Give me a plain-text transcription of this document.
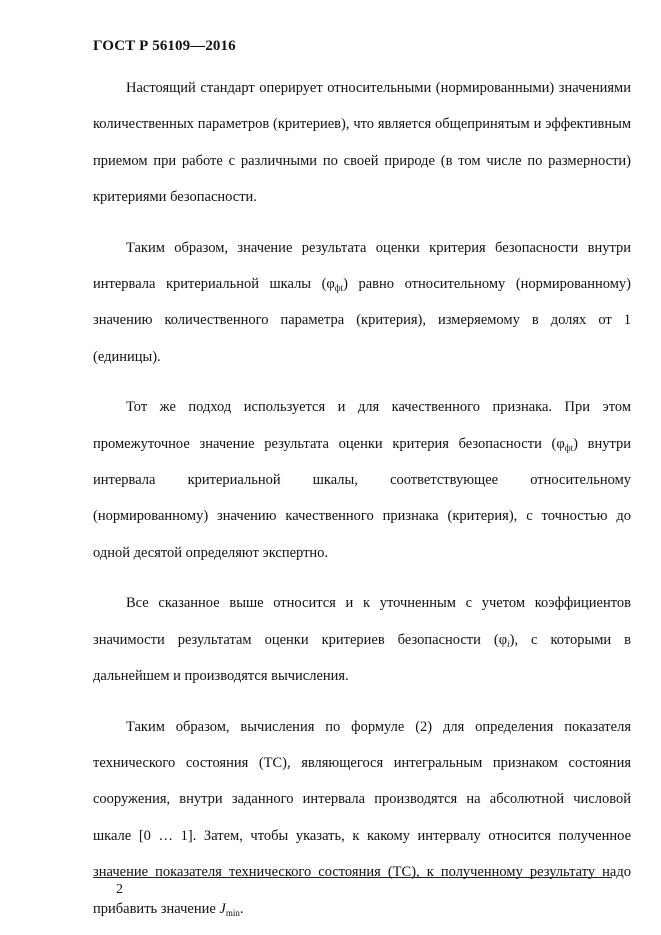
ГОСТ Р 56109—2016

Настоящий стандарт оперирует относительными (нормированными) значениями количественных параметров (критериев), что является общепринятым и эффективным приемом при работе с различными по своей природе (в том числе по размерности) критериями безопасности.

Таким образом, значение результата оценки критерия безопасности внутри интервала критериальной шкалы $(\varphi_{фt})$ равно относительному (нормированному) значению количественного параметра (критерия), измеряемому в долях от 1 (единицы).

Тот же подход используется и для качественного признака. При этом промежуточное значение результата оценки критерия безопасности $(\varphi_{фt})$ внутри интервала критериальной шкалы, соответствующее относительному (нормированному) значению качественного признака (критерия), с точностью до одной десятой определяют экспертно.

Все сказанное выше относится и к уточненным с учетом коэффициентов значимости результатам оценки критериев безопасности $(\varphi_i)$, с которыми в дальнейшем и производятся вычисления.

Таким образом, вычисления по формуле (2) для определения показателя технического состояния (ТС), являющегося интегральным признаком состояния сооружения, внутри заданного интервала производятся на абсолютной числовой шкале [0 … 1]. Затем, чтобы указать, к какому интервалу относится полученное значение показателя технического состояния (ТС), к полученному результату надо прибавить значение $J_{min}$.

2
